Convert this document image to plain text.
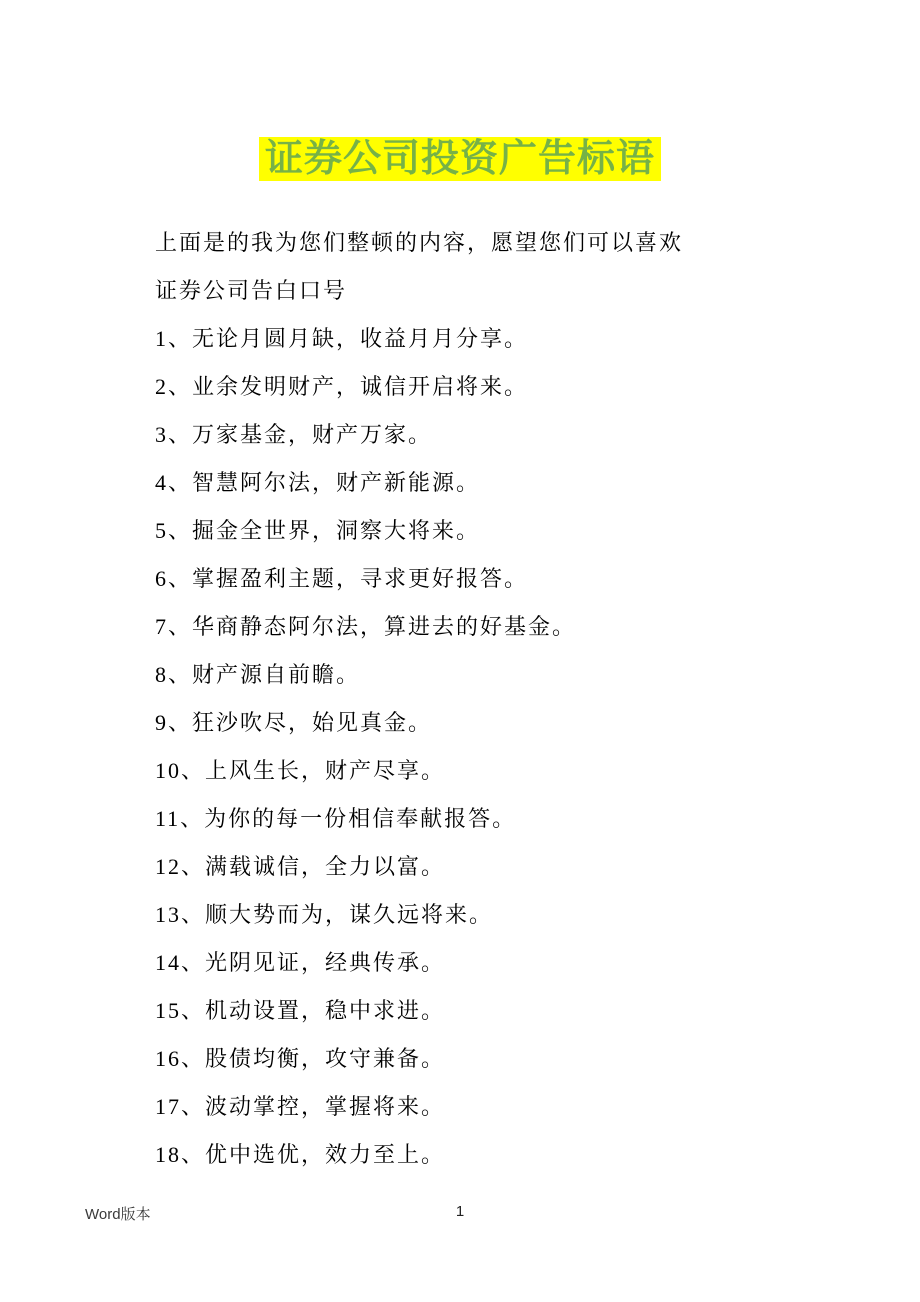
证券公司投资广告标语

上面是的我为您们整顿的内容，愿望您们可以喜欢

证券公司告白口号

1、无论月圆月缺，收益月月分享。

2、业余发明财产，诚信开启将来。

3、万家基金，财产万家。

4、智慧阿尔法，财产新能源。

5、掘金全世界，洞察大将来。

6、掌握盈利主题，寻求更好报答。

7、华商静态阿尔法，算进去的好基金。

8、财产源自前瞻。

9、狂沙吹尽，始见真金。

10、上风生长，财产尽享。

11、为你的每一份相信奉献报答。

12、满载诚信，全力以富。

13、顺大势而为，谋久远将来。

14、光阴见证，经典传承。

15、机动设置，稳中求进。

16、股债均衡，攻守兼备。

17、波动掌控，掌握将来。

18、优中选优，效力至上。

Word版本	1
